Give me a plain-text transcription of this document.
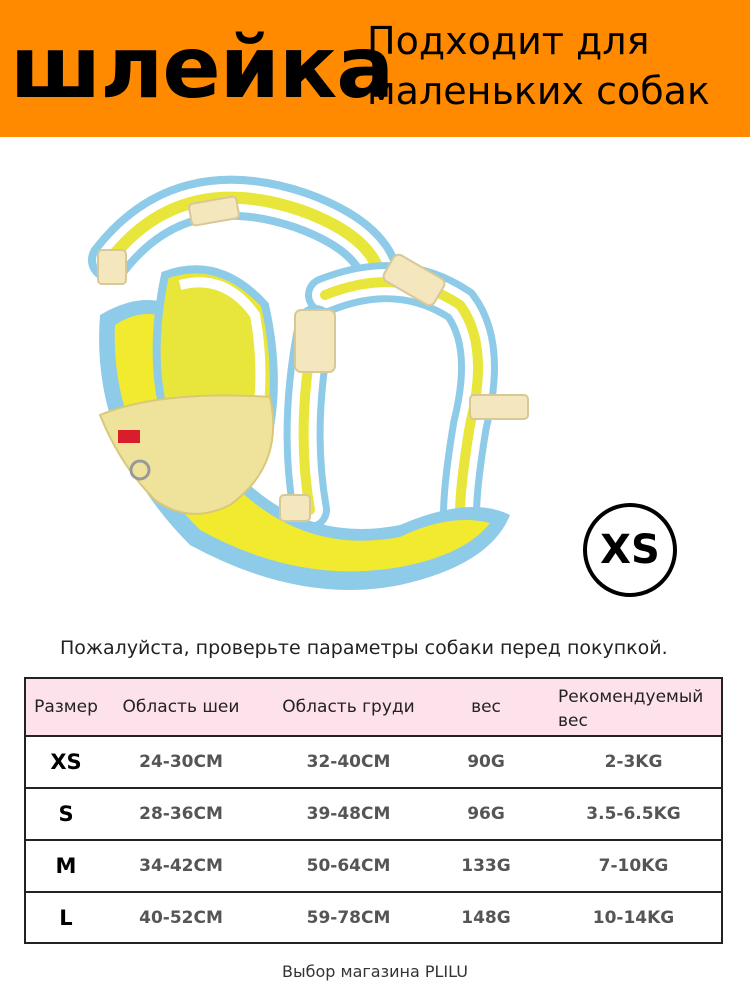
шлейка
Подходит для
маленьких собак
XS
Пожалуйста, проверьте параметры собаки перед покупкой.
Размер	Область шеи	Область груди	вес	Рекомендуемый вес
XS	24-30CM	32-40CM	90G	2-3KG
S	28-36CM	39-48CM	96G	3.5-6.5KG
M	34-42CM	50-64CM	133G	7-10KG
L	40-52CM	59-78CM	148G	10-14KG
Выбор магазина PLILU
